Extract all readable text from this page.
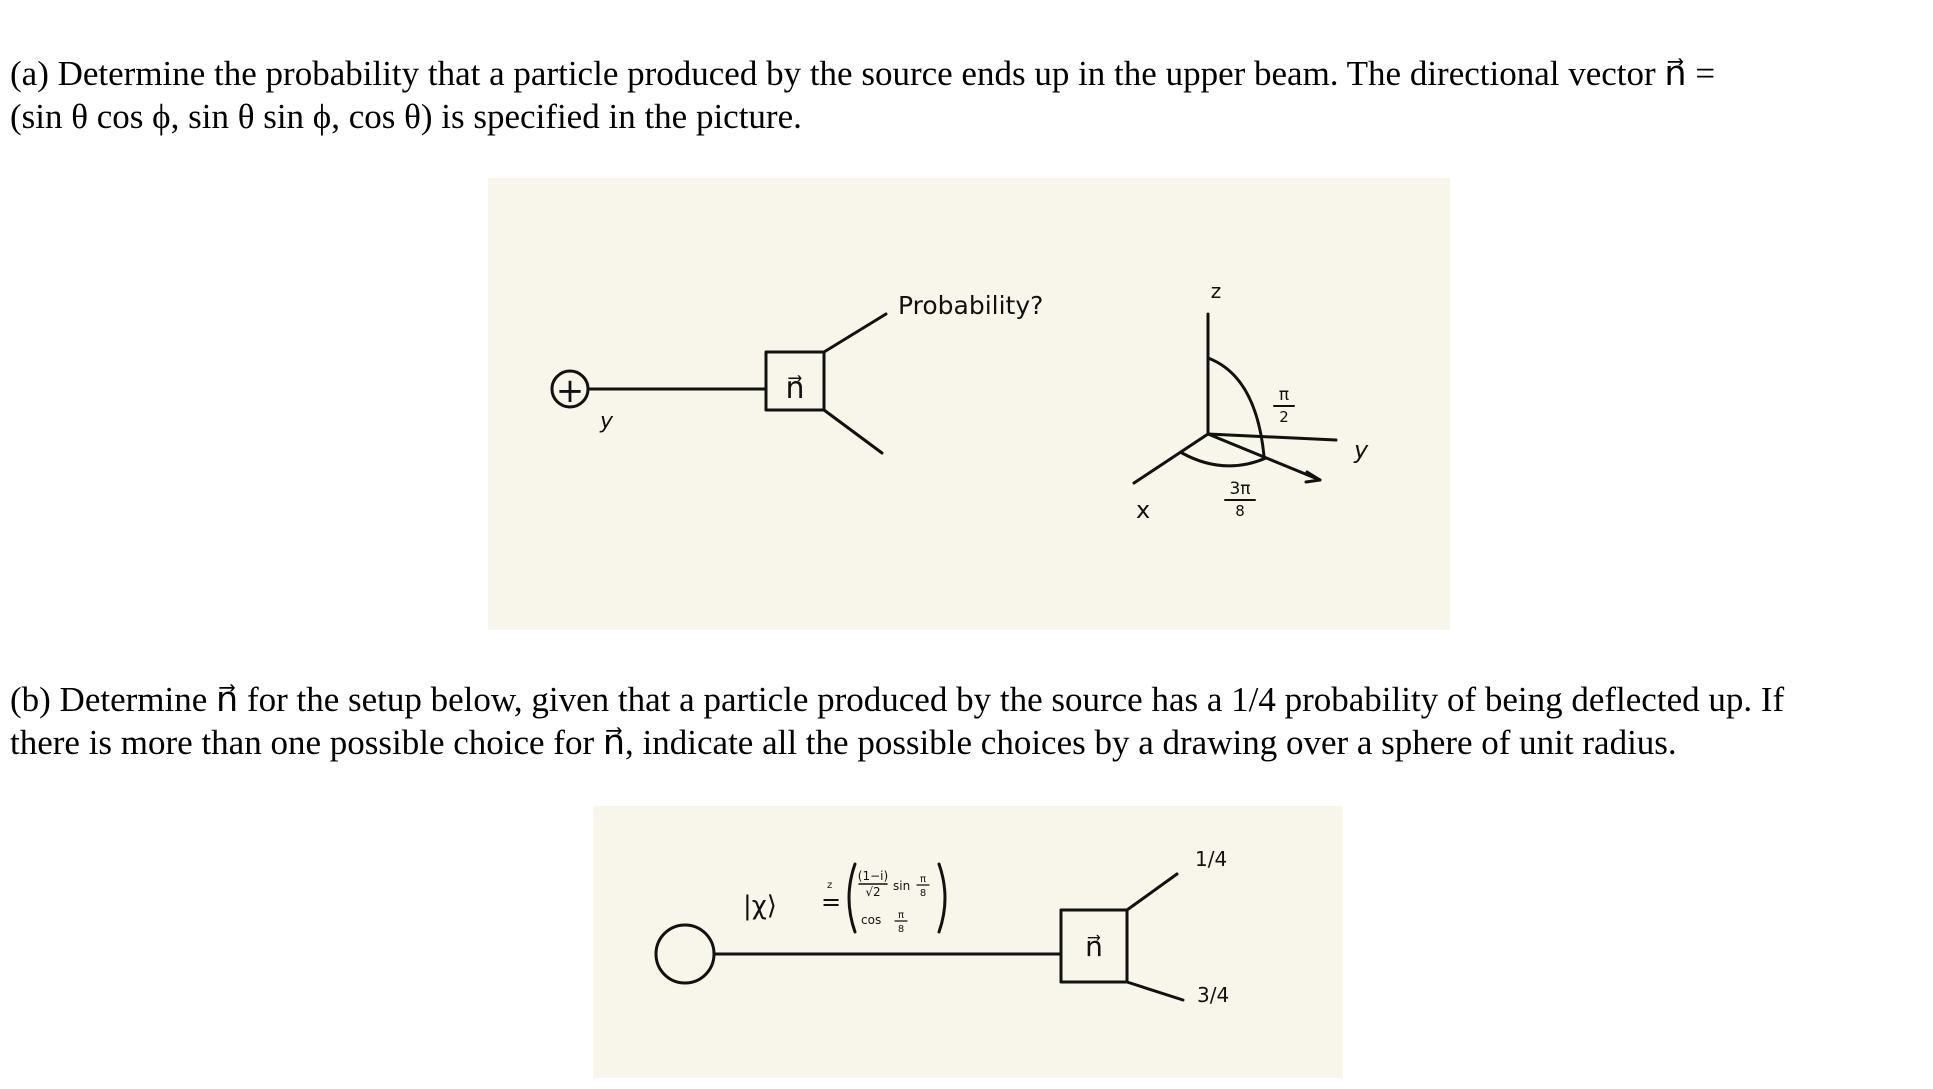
(a) Determine the probability that a particle produced by the source ends up in the upper beam. The directional vector n⃗ =
(sin θ cos ϕ, sin θ sin ϕ, cos θ) is specified in the picture.
+
y
n⃗
Probability?	z
y
x
π
2
3π
8
(b) Determine n⃗ for the setup below, given that a particle produced by the source has a 1/4 probability of being deflected up. If
there is more than one possible choice for n⃗, indicate all the possible choices by a drawing over a sphere of unit radius.
n⃗
1/4
3/4
|χ⟩ =
z
(1−i)
√2 sin π
8
cos π
8
